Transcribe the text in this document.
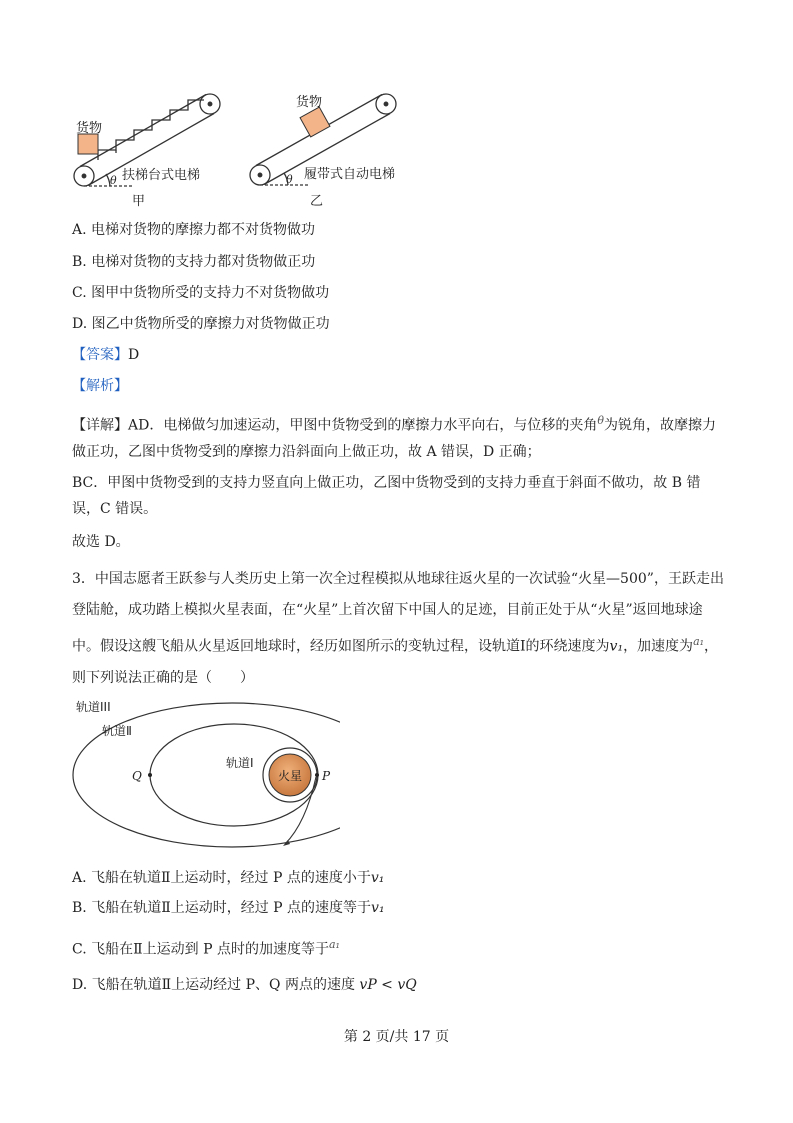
货物
扶梯台式电梯
θ
甲
货物
履带式自动电梯
θ
乙
A. 电梯对货物的摩擦力都不对货物做功
B. 电梯对货物的支持力都对货物做正功
C. 图甲中货物所受的支持力不对货物做功
D. 图乙中货物所受的摩擦力对货物做正功
【答案】D
【解析】
【详解】AD．电梯做匀加速运动，甲图中货物受到的摩擦力水平向右，与位移的夹角$^\theta$为锐角，故摩擦力做正功，乙图中货物受到的摩擦力沿斜面向上做正功，故 A 错误，D 正确；
BC．甲图中货物受到的支持力竖直向上做正功，乙图中货物受到的支持力垂直于斜面不做功，故 B 错误，C 错误。
故选 D。
3．中国志愿者王跃参与人类历史上第一次全过程模拟从地球往返火星的一次试验“火星—500”，王跃走出登陆舱，成功踏上模拟火星表面，在“火星”上首次留下中国人的足迹，目前正处于从“火星”返回地球途中。假设这艘飞船从火星返回地球时，经历如图所示的变轨过程，设轨道Ⅰ的环绕速度为v₁，加速度为$^{a_1}$，
则下列说法正确的是（　　）
轨道III
轨道Ⅱ
轨道Ⅰ
火星
Q	P
A. 飞船在轨道Ⅱ上运动时，经过 P 点的速度小于v₁
B. 飞船在轨道Ⅱ上运动时，经过 P 点的速度等于v₁
C. 飞船在Ⅱ上运动到 P 点时的加速度等于$^{a_1}$
D. 飞船在轨道Ⅱ上运动经过 P、Q 两点的速度 vP < vQ
第 2 页/共 17 页
